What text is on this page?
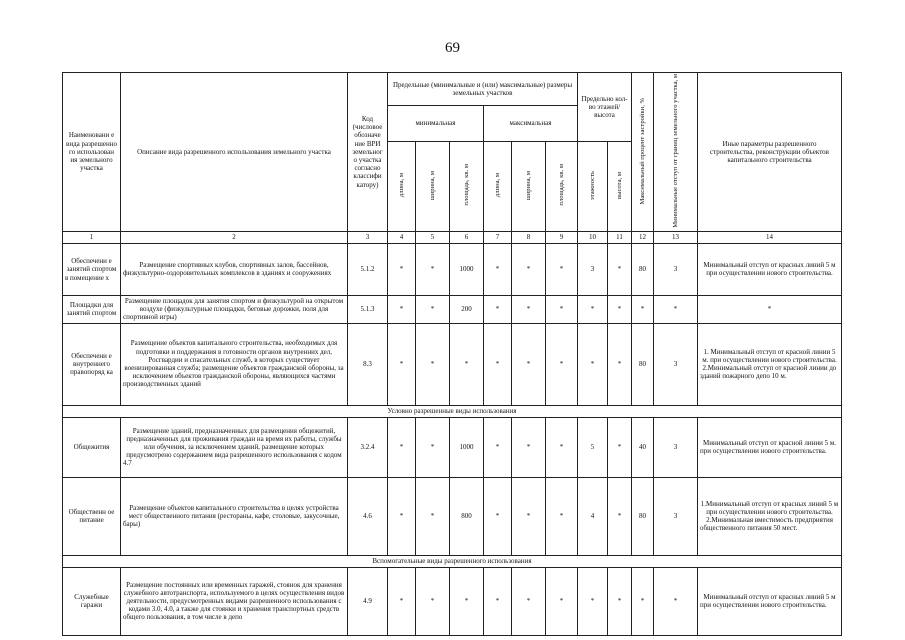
69
Наименовани е вида разрешенно го использован ия земельного участка	Описание вида разрешенного использования земельного участка	Код (числовое обозначе ние ВРИ земельног о участка согласно классифи катору)	Предельные (минимальные и (или) максимальные) размеры земельных участков						Предельно кол-во этажей/ высота		Максимальный процент застройки, %	Минимальные отступ от границ земельного участка, м	Иные параметры разрешенного строительства, реконструкции объектов капитального строительства
			минимальная			максимальная							
			длина, м	ширина, м	площадь, кв. м	длина, м	ширина, м	площадь, кв. м	этажность	высота, м			
1	2	3	4	5	6	7	8	9	10	11	12	13	14
Обеспечени е занятий спортом в помещение х	Размещение спортивных клубов, спортивных залов, бассейнов, физкультурно-оздоровительных комплексов в зданиях и сооружениях	5.1.2	*	*	1000	*	*	*	3	*	80	3	Минимальный отступ от красных линий 5 м при осуществлении нового строительства.
Площадки для занятий спортом	Размещение площадок для занятия спортом и физкультурой на открытом воздухе (физкультурные площадки, беговые дорожки, поля для спортивной игры)	5.1.3	*	*	200	*	*	*	*	*	*	*	*
Обеспечени е внутреннего правопоряд ка	Размещение объектов капитального строительства, необходимых для подготовки и поддержания в готовности органов внутренних дел, Росгвардии и спасательных служб, в которых существует военизированная служба; размещение объектов гражданской обороны, за исключением объектов гражданской обороны, являющихся частями производственных зданий	8.3	*	*	*	*	*	*	*	*	80	3	1. Минимальный отступ от красной линии 5 м. при осуществлении нового строительства. 2.Минимальный отступ от красной линии до зданий пожарного депо 10 м.
Условно разрешенные виды использования													
Общежития	Размещение зданий, предназначенных для размещения общежитий, предназначенных для проживания граждан на время их работы, службы или обучения, за исключением зданий, размещение которых предусмотрено содержанием вида разрешенного использования с кодом 4.7	3.2.4	*	*	1000	*	*	*	5	*	40	3	Минимальный отступ от красной линии 5 м. при осуществлении нового строительства.
Общественн ое питание	Размещение объектов капитального строительства в целях устройства мест общественного питания (рестораны, кафе, столовые, закусочные, бары)	4.6	*	*	800	*	*	*	4	*	80	3	1.Минимальный отступ от красных линий 5 м при осуществлении нового строительства. 2.Минимальная вместимость предприятия общественного питания 50 мест.
Вспомогательные виды разрешенного использования													
Служебные гаражи	Размещение постоянных или временных гаражей, стоянок для хранения служебного автотранспорта, используемого в целях осуществления видов деятельности, предусмотренных видами разрешенного использования с кодами 3.0, 4.0, а также для стоянки и хранения транспортных средств общего пользования, в том числе в депо	4.9	*	*	*	*	*	*	*	*	*	*	Минимальный отступ от красных линий 5 м при осуществлении нового строительства.
